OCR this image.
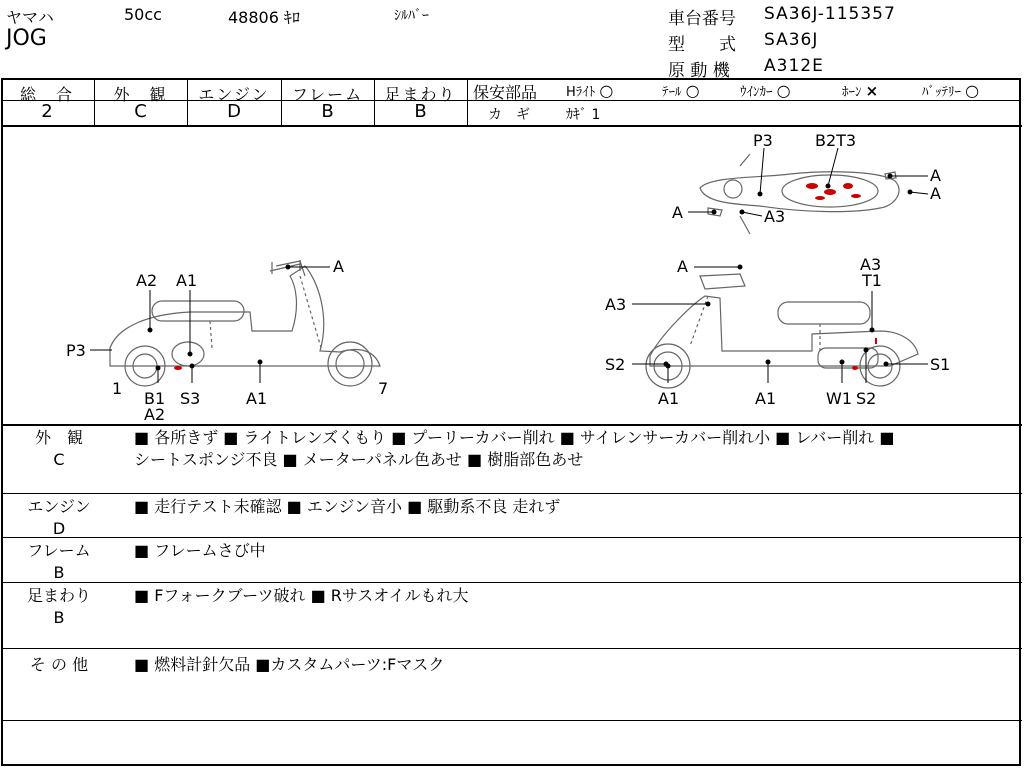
ヤマハ	50cc	48806 ｷﾛ	ｼﾙﾊﾞｰ
JOG
車台番号 SA36J-115357
型　　式 SA36J
原 動 機 A312E
総　合	外　観	エンジン	フレーム	足まわり
2	C	D	B	B
保安部品 Hﾗｲﾄ ○	ﾃｰﾙ ○	ｳｲﾝｶｰ ○	ﾎｰﾝ ×	ﾊﾞｯﾃﾘｰ ○
カ　ギ	ｶｷﾞ 1
A2 A1
A
P3
1
B1
A2
S3	A1
7
A	A3
T1
A3
S2	S1
A1	A1	W1 S2
P3	B2T3
A
A
A	A3
外　観
C
■ 各所きず ■ ライトレンズくもり ■ プーリーカバー削れ ■ サイレンサーカバー削れ小 ■ レバー削れ ■
シートスポンジ不良 ■ メーターパネル色あせ ■ 樹脂部色あせ
エンジン
D
■ 走行テスト未確認 ■ エンジン音小 ■ 駆動系不良 走れず
フレーム
B
■ フレームさび中
足まわり
B
■ Fフォークブーツ破れ ■ Rサスオイルもれ大
そ の 他	■ 燃料計針欠品 ■カスタムパーツ:Fマスク
